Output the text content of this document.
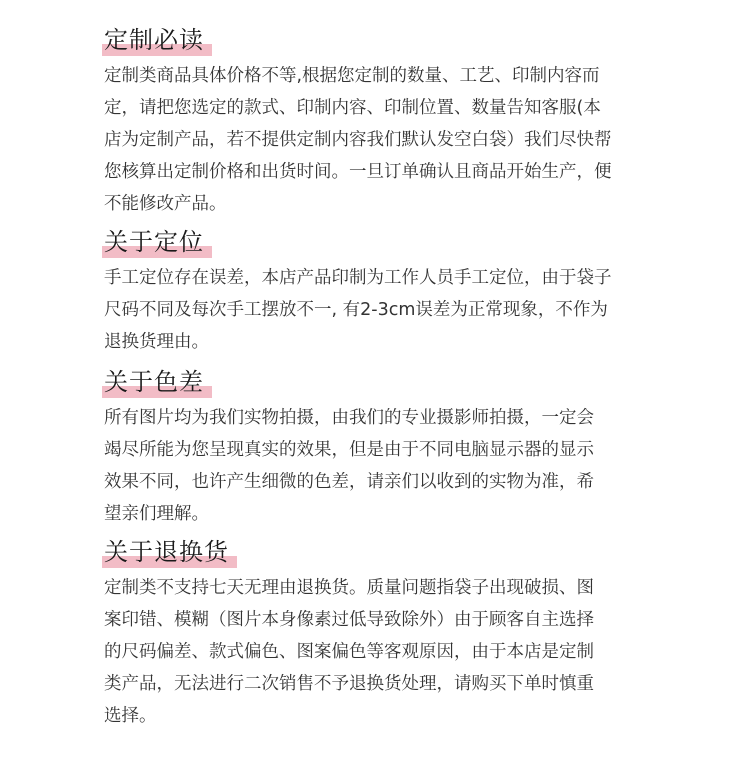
定制必读
定制类商品具体价格不等,根据您定制的数量、工艺、印制内容而
定，请把您选定的款式、印制内容、印制位置、数量告知客服(本
店为定制产品，若不提供定制内容我们默认发空白袋）我们尽快帮
您核算出定制价格和出货时间。一旦订单确认且商品开始生产，便
不能修改产品。
关于定位
手工定位存在误差，本店产品印制为工作人员手工定位，由于袋子
尺码不同及每次手工摆放不一, 有2-3cm误差为正常现象，不作为
退换货理由。
关于色差
所有图片均为我们实物拍摄，由我们的专业摄影师拍摄，一定会
竭尽所能为您呈现真实的效果，但是由于不同电脑显示器的显示
效果不同，也许产生细微的色差，请亲们以收到的实物为准，希
望亲们理解。
关于退换货
定制类不支持七天无理由退换货。质量问题指袋子出现破损、图
案印错、模糊（图片本身像素过低导致除外）由于顾客自主选择
的尺码偏差、款式偏色、图案偏色等客观原因，由于本店是定制
类产品，无法进行二次销售不予退换货处理，请购买下单时慎重
选择。
